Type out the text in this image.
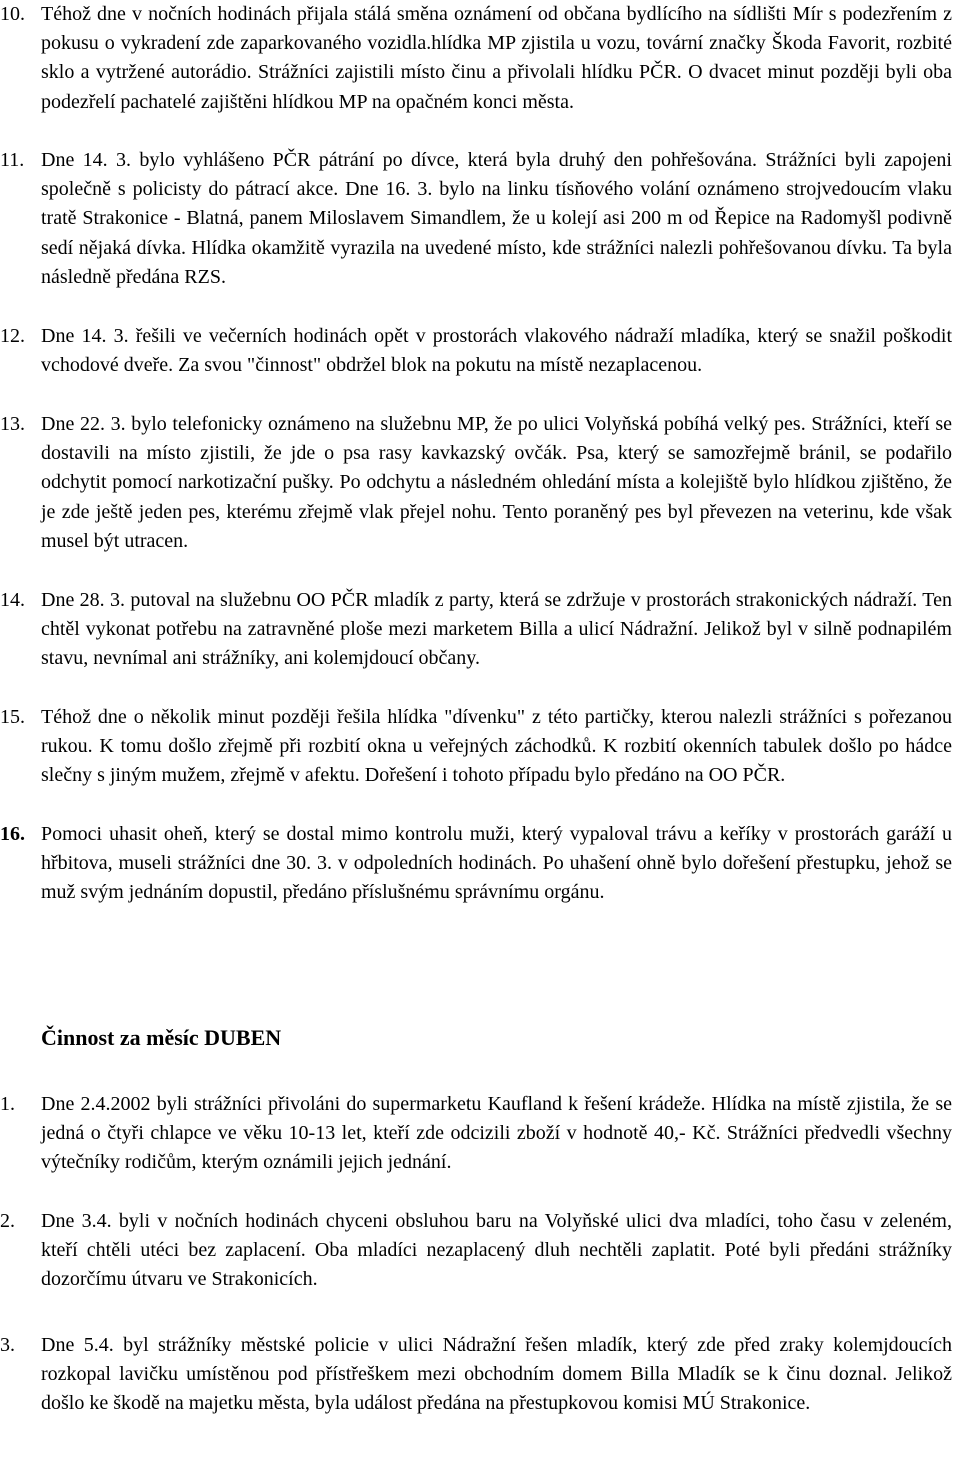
10. Téhož dne v nočních hodinách přijala stálá směna oznámení od občana bydlícího na sídlišti Mír s podezřením z pokusu o vykradení zde zaparkovaného vozidla.hlídka MP zjistila u vozu, tovární značky Škoda Favorit, rozbité sklo a vytržené autorádio. Strážníci zajistili místo činu a přivolali hlídku PČR. O dvacet minut později byli oba podezřelí pachatelé zajištěni hlídkou MP na opačném konci města.
11. Dne 14. 3. bylo vyhlášeno PČR pátrání po dívce, která byla druhý den pohřešována. Strážníci byli zapojeni společně s policisty do pátrací akce. Dne 16. 3. bylo na linku tísňového volání oznámeno strojvedoucím vlaku tratě Strakonice - Blatná, panem Miloslavem Simandlem, že u kolejí asi 200 m od Řepice na Radomyšl podivně sedí nějaká dívka. Hlídka okamžitě vyrazila na uvedené místo, kde strážníci nalezli pohřešovanou dívku. Ta byla následně předána RZS.
12. Dne 14. 3. řešili ve večerních hodinách opět v prostorách vlakového nádraží mladíka, který se snažil poškodit vchodové dveře. Za svou "činnost" obdržel blok na pokutu na místě nezaplacenou.
13. Dne 22. 3. bylo telefonicky oznámeno na služebnu MP, že po ulici Volyňská pobíhá velký pes. Strážníci, kteří se dostavili na místo zjistili, že jde o psa rasy kavkazský ovčák. Psa, který se samozřejmě bránil, se podařilo odchytit pomocí narkotizační pušky. Po odchytu a následném ohledání místa a kolejiště bylo hlídkou zjištěno, že je zde ještě jeden pes, kterému zřejmě vlak přejel nohu. Tento poraněný pes byl převezen na veterinu, kde však musel být utracen.
14. Dne 28. 3. putoval na služebnu OO PČR mladík z party, která se zdržuje v prostorách strakonických nádraží. Ten chtěl vykonat potřebu na zatravněné ploše mezi marketem Billa a ulicí Nádražní. Jelikož byl v silně podnapilém stavu, nevnímal ani strážníky, ani kolemjdoucí občany.
15. Téhož dne o několik minut později řešila hlídka "dívenku" z této partičky, kterou nalezli strážníci s pořezanou rukou. K tomu došlo zřejmě při rozbití okna u veřejných záchodků. K rozbití okenních tabulek došlo po hádce slečny s jiným mužem, zřejmě v afektu. Dořešení i tohoto případu bylo předáno na OO PČR.
16. Pomoci uhasit oheň, který se dostal mimo kontrolu muži, který vypaloval trávu a keříky v prostorách garáží u hřbitova, museli strážníci dne 30. 3. v odpoledních hodinách. Po uhašení ohně bylo dořešení přestupku, jehož se muž svým jednáním dopustil, předáno příslušnému správnímu orgánu.
Činnost za měsíc DUBEN
1. Dne 2.4.2002 byli strážníci přivoláni do supermarketu Kaufland k řešení krádeže. Hlídka na místě zjistila, že se jedná o čtyři chlapce ve věku 10-13 let, kteří zde odcizili zboží v hodnotě 40,- Kč. Strážníci předvedli všechny výtečníky rodičům, kterým oznámili jejich jednání.
2. Dne 3.4. byli v nočních hodinách chyceni obsluhou baru na Volyňské ulici dva mladíci, toho času v zeleném, kteří chtěli utéci bez zaplacení. Oba mladíci nezaplacený dluh nechtěli zaplatit. Poté byli předáni strážníky dozorčímu útvaru ve Strakonicích.
3. Dne 5.4. byl strážníky městské policie v ulici Nádražní řešen mladík, který zde před zraky kolemjdoucích rozkopal lavičku umístěnou pod přístřeškem mezi obchodním domem Billa Mladík se k činu doznal. Jelikož došlo ke škodě na majetku města, byla událost předána na přestupkovou komisi MÚ Strakonice.
